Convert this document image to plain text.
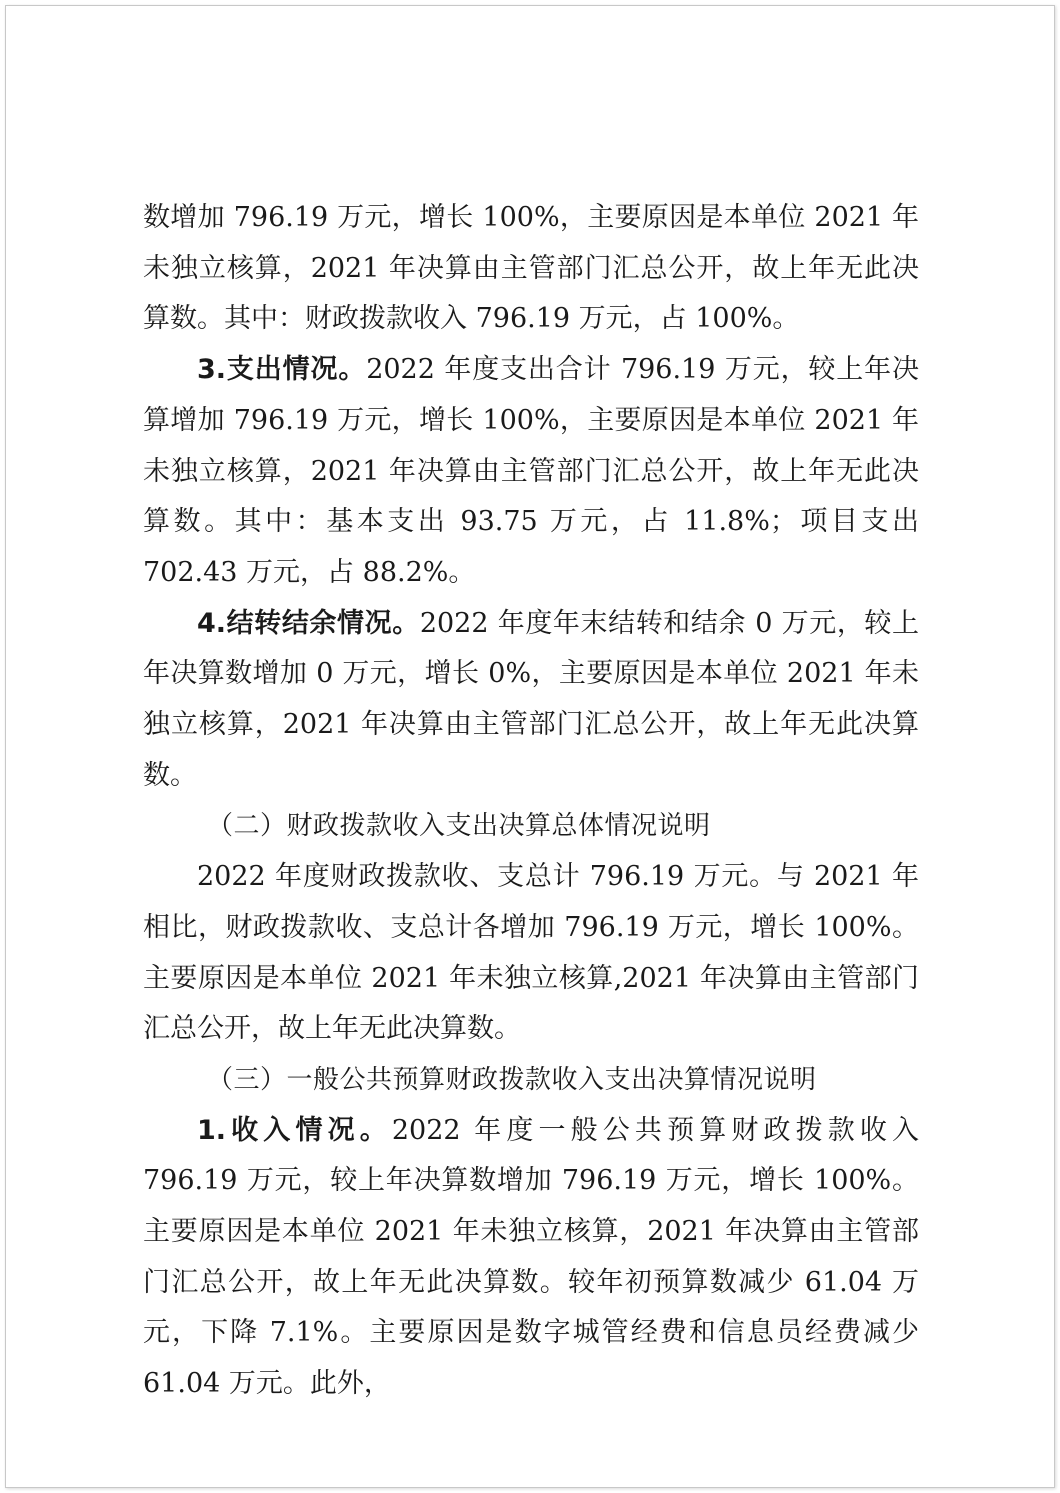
数增加 796.19 万元，增长 100%，主要原因是本单位 2021 年未独立核算，2021 年决算由主管部门汇总公开，故上年无此决算数。其中：财政拨款收入 796.19 万元，占 100%。

3.支出情况。2022 年度支出合计 796.19 万元，较上年决算增加 796.19 万元，增长 100%，主要原因是本单位 2021 年未独立核算，2021 年决算由主管部门汇总公开，故上年无此决算数。其中：基本支出 93.75 万元，占 11.8%；项目支出 702.43 万元，占 88.2%。

4.结转结余情况。2022 年度年末结转和结余 0 万元，较上年决算数增加 0 万元，增长 0%，主要原因是本单位 2021 年未独立核算，2021 年决算由主管部门汇总公开，故上年无此决算数。

（二）财政拨款收入支出决算总体情况说明

2022 年度财政拨款收、支总计 796.19 万元。与 2021 年相比，财政拨款收、支总计各增加 796.19 万元，增长 100%。主要原因是本单位 2021 年未独立核算,2021 年决算由主管部门汇总公开，故上年无此决算数。

（三）一般公共预算财政拨款收入支出决算情况说明

1.收入情况。2022 年度一般公共预算财政拨款收入 796.19 万元，较上年决算数增加 796.19 万元，增长 100%。主要原因是本单位 2021 年未独立核算，2021 年决算由主管部门汇总公开，故上年无此决算数。较年初预算数减少 61.04 万元，下降 7.1%。主要原因是数字城管经费和信息员经费减少 61.04 万元。此外，
